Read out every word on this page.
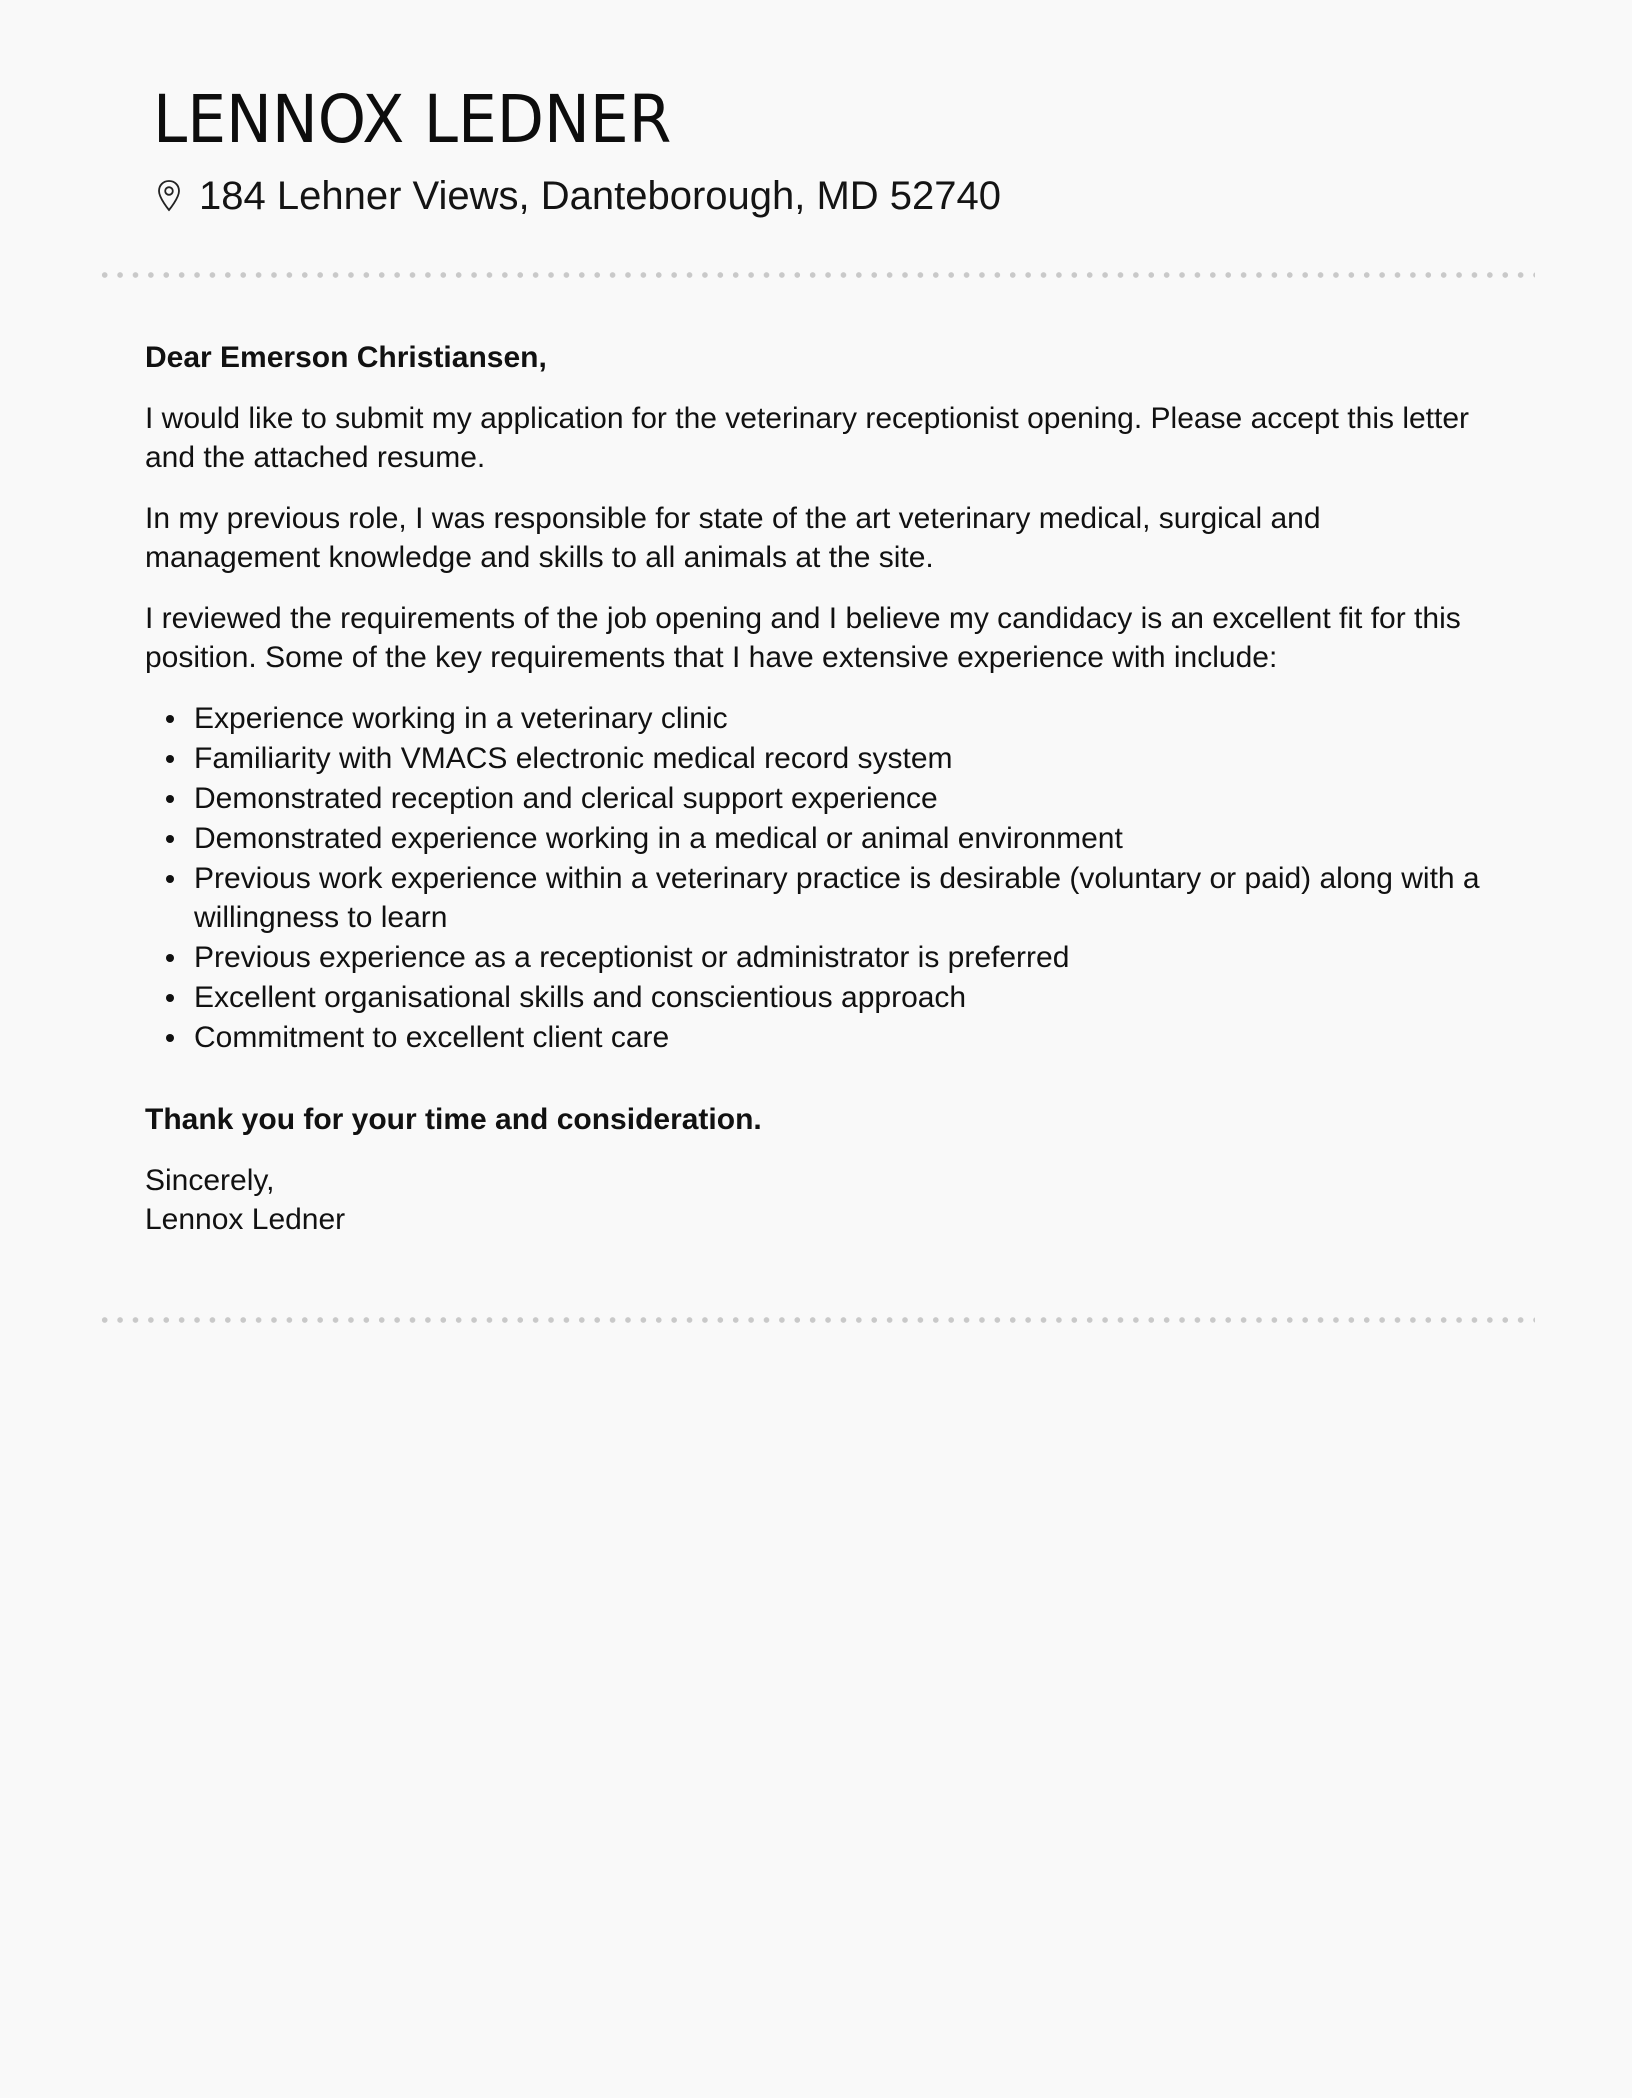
LENNOX LEDNER
184 Lehner Views, Danteborough, MD 52740

Dear Emerson Christiansen,

I would like to submit my application for the veterinary receptionist opening. Please accept this letter and the attached resume.

In my previous role, I was responsible for state of the art veterinary medical, surgical and management knowledge and skills to all animals at the site.

I reviewed the requirements of the job opening and I believe my candidacy is an excellent fit for this position. Some of the key requirements that I have extensive experience with include:

Experience working in a veterinary clinic
Familiarity with VMACS electronic medical record system
Demonstrated reception and clerical support experience
Demonstrated experience working in a medical or animal environment
Previous work experience within a veterinary practice is desirable (voluntary or paid) along with a willingness to learn
Previous experience as a receptionist or administrator is preferred
Excellent organisational skills and conscientious approach
Commitment to excellent client care

Thank you for your time and consideration.

Sincerely,
Lennox Ledner
